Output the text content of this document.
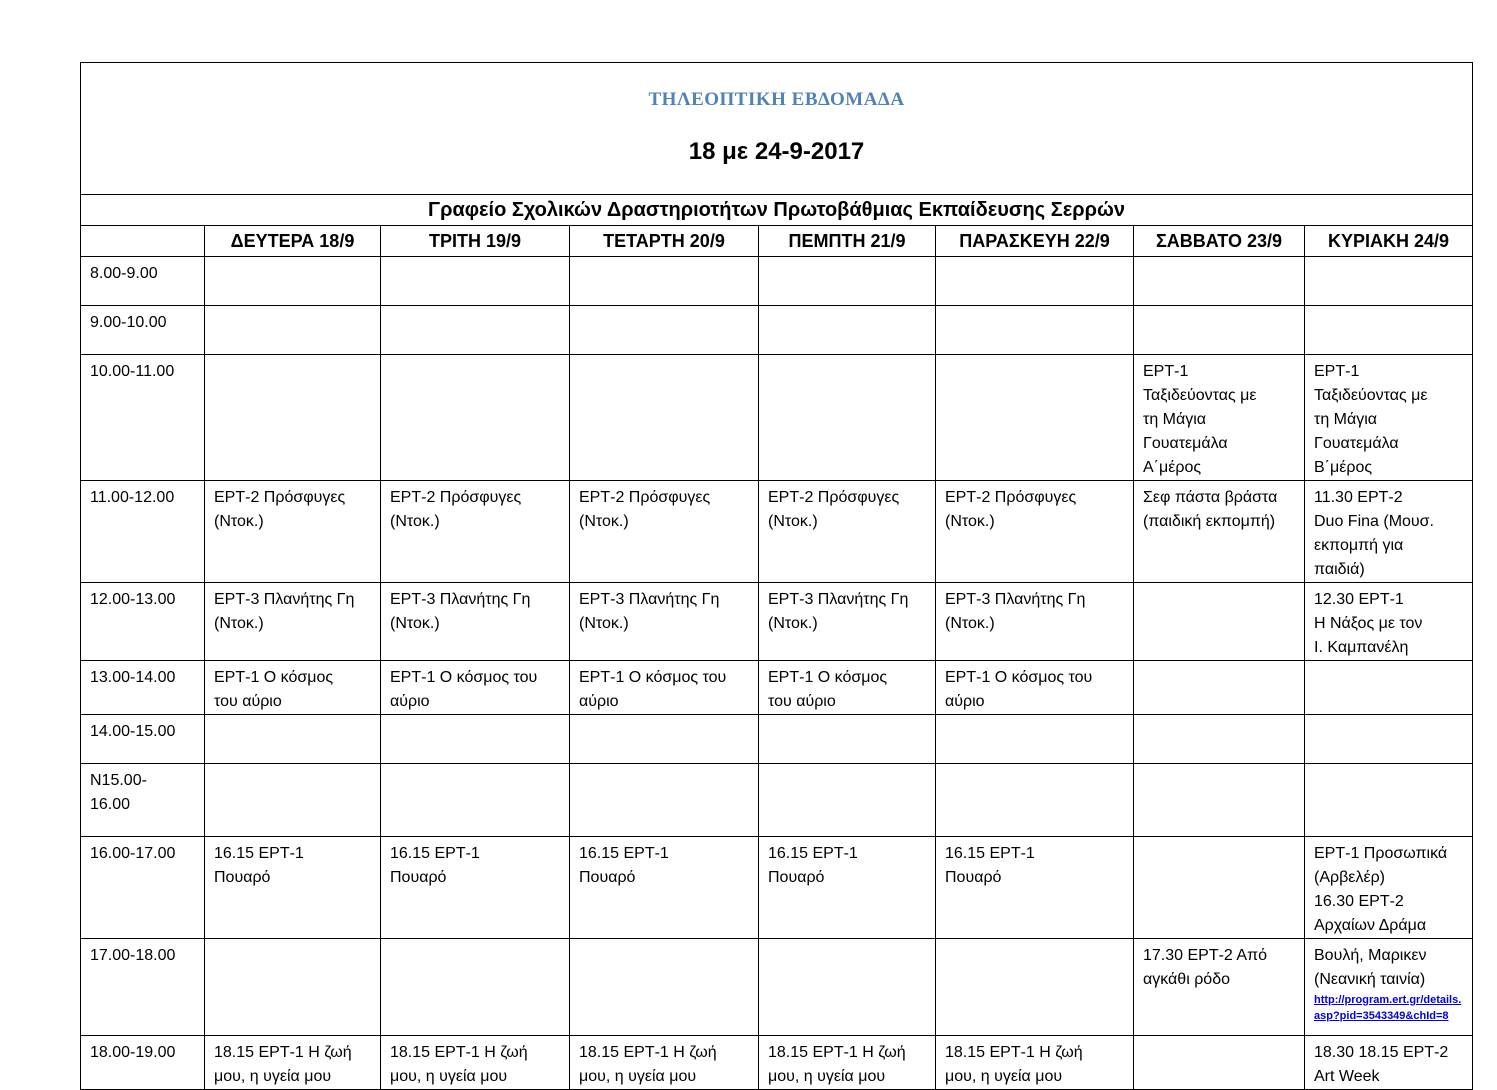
ΤΗΛΕΟΠΤΙΚΗ ΕΒΔΟΜΑΔΑ

18 με 24-9-2017							

Γραφείο Σχολικών Δραστηριοτήτων Πρωτοβάθμιας Εκπαίδευσης Σερρών							
	ΔΕΥΤΕΡΑ 18/9	ΤΡΙΤΗ 19/9	ΤΕΤΑΡΤΗ 20/9	ΠΕΜΠΤΗ 21/9	ΠΑΡΑΣΚΕΥΗ 22/9	ΣΑΒΒΑΤΟ 23/9	ΚΥΡΙΑΚΗ 24/9
8.00-9.00							
9.00-10.00							
10.00-11.00						ΕΡΤ-1
Ταξιδεύοντας με
τη Μάγια
Γουατεμάλα
Α΄μέρος	ΕΡΤ-1
Ταξιδεύοντας με
τη Μάγια
Γουατεμάλα
Β΄μέρος
11.00-12.00	ΕΡΤ-2 Πρόσφυγες
(Ντοκ.)	ΕΡΤ-2 Πρόσφυγες
(Ντοκ.)	ΕΡΤ-2 Πρόσφυγες
(Ντοκ.)	ΕΡΤ-2 Πρόσφυγες
(Ντοκ.)	ΕΡΤ-2 Πρόσφυγες
(Ντοκ.)	Σεφ πάστα βράστα
(παιδική εκπομπή)	11.30 ΕΡΤ-2
Duo Fina (Μουσ.
εκπομπή για
παιδιά)
12.00-13.00	ΕΡΤ-3 Πλανήτης Γη
(Ντοκ.)	ΕΡΤ-3 Πλανήτης Γη
(Ντοκ.)	ΕΡΤ-3 Πλανήτης Γη
(Ντοκ.)	ΕΡΤ-3 Πλανήτης Γη
(Ντοκ.)	ΕΡΤ-3 Πλανήτης Γη
(Ντοκ.)		12.30 ΕΡΤ-1
Η Νάξος με τον
Ι. Καμπανέλη
13.00-14.00	ΕΡΤ-1 Ο κόσμος
του αύριο	ΕΡΤ-1 Ο κόσμος του
αύριο	ΕΡΤ-1 Ο κόσμος του
αύριο	ΕΡΤ-1 Ο κόσμος
του αύριο	ΕΡΤ-1 Ο κόσμος του
αύριο		
14.00-15.00							
Ν15.00-
16.00							
16.00-17.00	16.15 ΕΡΤ-1
Πουαρό	16.15 ΕΡΤ-1
Πουαρό	16.15 ΕΡΤ-1
Πουαρό	16.15 ΕΡΤ-1
Πουαρό	16.15 ΕΡΤ-1
Πουαρό		ΕΡΤ-1 Προσωπικά
(Αρβελέρ)
16.30 ΕΡΤ-2
Αρχαίων Δράμα
17.00-18.00						17.30 ΕΡΤ-2 Από
αγκάθι ρόδο	Βουλή, Μαρικεν
(Νεανική ταινία)
http://program.ert.gr/details.asp?pid=3543349&chId=8

18.00-19.00	18.15 ΕΡΤ-1 Η ζωή
μου, η υγεία μου	18.15 ΕΡΤ-1 Η ζωή
μου, η υγεία μου	18.15 ΕΡΤ-1 Η ζωή
μου, η υγεία μου	18.15 ΕΡΤ-1 Η ζωή
μου, η υγεία μου	18.15 ΕΡΤ-1 Η ζωή
μου, η υγεία μου		18.30 18.15 ΕΡΤ-2
Art Week
